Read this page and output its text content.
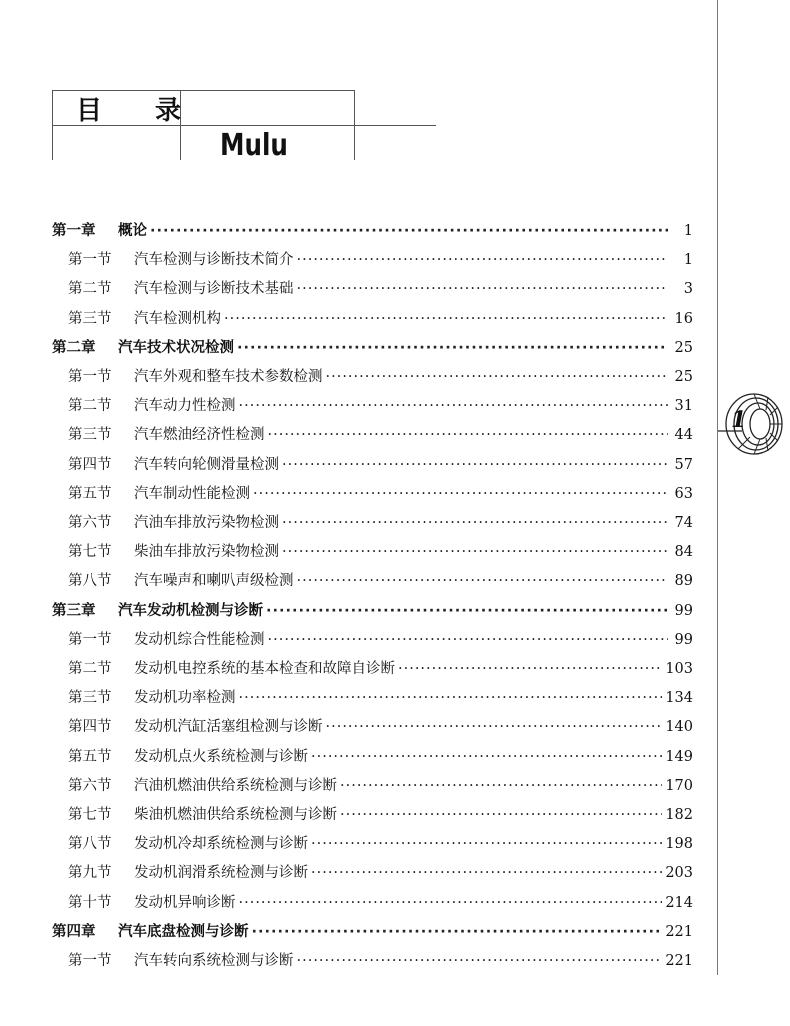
目 录
Mulu
1
第一章	概论 ·····	1
第一节	汽车检测与诊断技术简介 ·····	1
第二节	汽车检测与诊断技术基础 ·····	3
第三节	汽车检测机构 ·····	16
第二章	汽车技术状况检测 ·····	25
第一节	汽车外观和整车技术参数检测 ·····	25
第二节	汽车动力性检测 ·····	31
第三节	汽车燃油经济性检测 ·····	44
第四节	汽车转向轮侧滑量检测 ·····	57
第五节	汽车制动性能检测 ·····	63
第六节	汽油车排放污染物检测 ·····	74
第七节	柴油车排放污染物检测 ·····	84
第八节	汽车噪声和喇叭声级检测 ·····	89
第三章	汽车发动机检测与诊断 ·····	99
第一节	发动机综合性能检测 ·····	99
第二节	发动机电控系统的基本检查和故障自诊断 ·····	103
第三节	发动机功率检测 ·····	134
第四节	发动机汽缸活塞组检测与诊断 ·····	140
第五节	发动机点火系统检测与诊断 ·····	149
第六节	汽油机燃油供给系统检测与诊断 ·····	170
第七节	柴油机燃油供给系统检测与诊断 ·····	182
第八节	发动机冷却系统检测与诊断 ·····	198
第九节	发动机润滑系统检测与诊断 ·····	203
第十节	发动机异响诊断 ·····	214
第四章	汽车底盘检测与诊断 ·····	221
第一节	汽车转向系统检测与诊断 ·····	221
